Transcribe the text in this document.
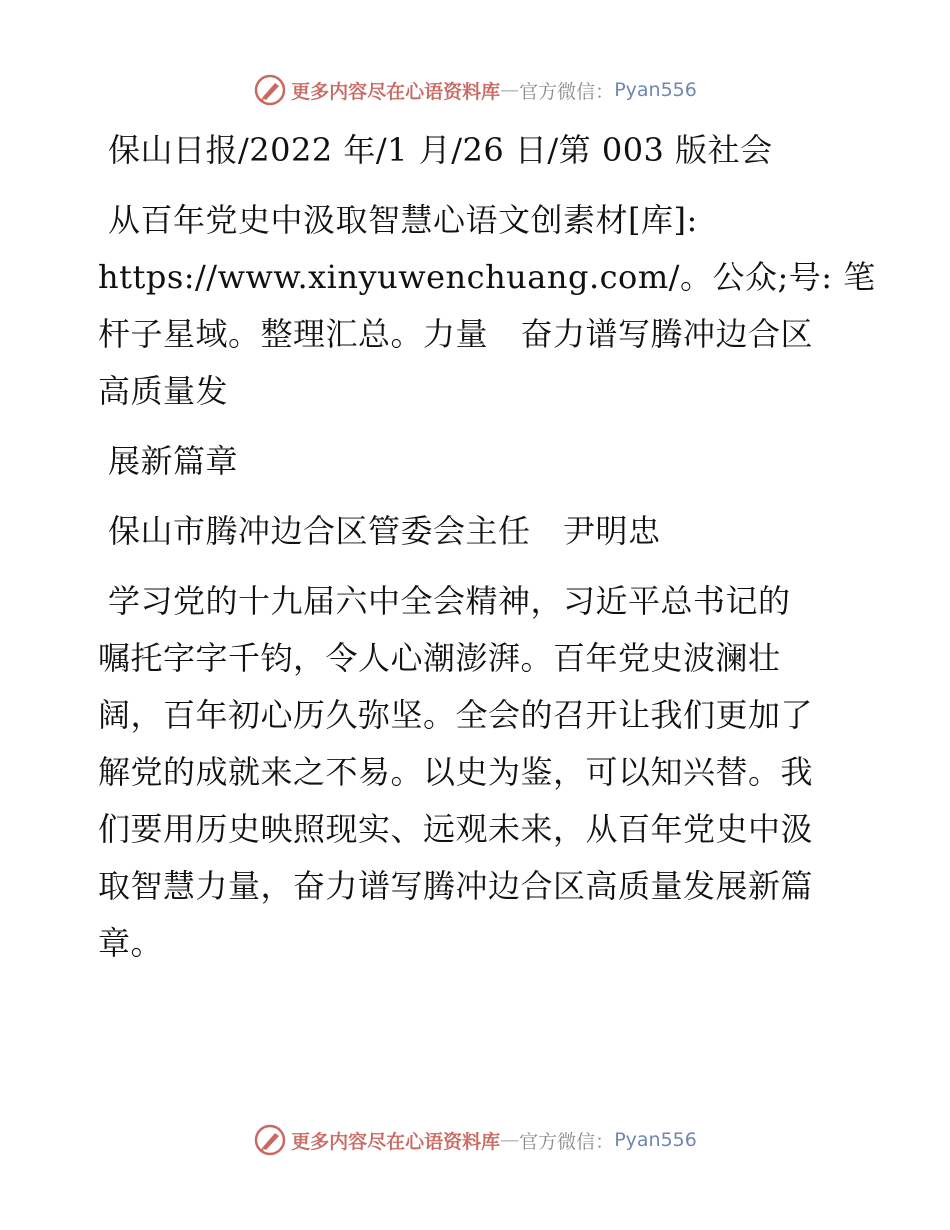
更多内容尽在心语资料库 — 官方微信： Pyan556
保山日报/2022 年/1 月/26 日/第 003 版社会
从百年党史中汲取智慧心语文创素材[库]:
https://www.xinyuwenchuang.com/。公众;号: 笔
杆子星域。整理汇总。力量　奋力谱写腾冲边合区
高质量发
展新篇章
保山市腾冲边合区管委会主任　尹明忠
学习党的十九届六中全会精神，习近平总书记的
嘱托字字千钧，令人心潮澎湃。百年党史波澜壮
阔，百年初心历久弥坚。全会的召开让我们更加了
解党的成就来之不易。以史为鉴，可以知兴替。我
们要用历史映照现实、远观未来，从百年党史中汲
取智慧力量，奋力谱写腾冲边合区高质量发展新篇
章。
更多内容尽在心语资料库 — 官方微信： Pyan556
